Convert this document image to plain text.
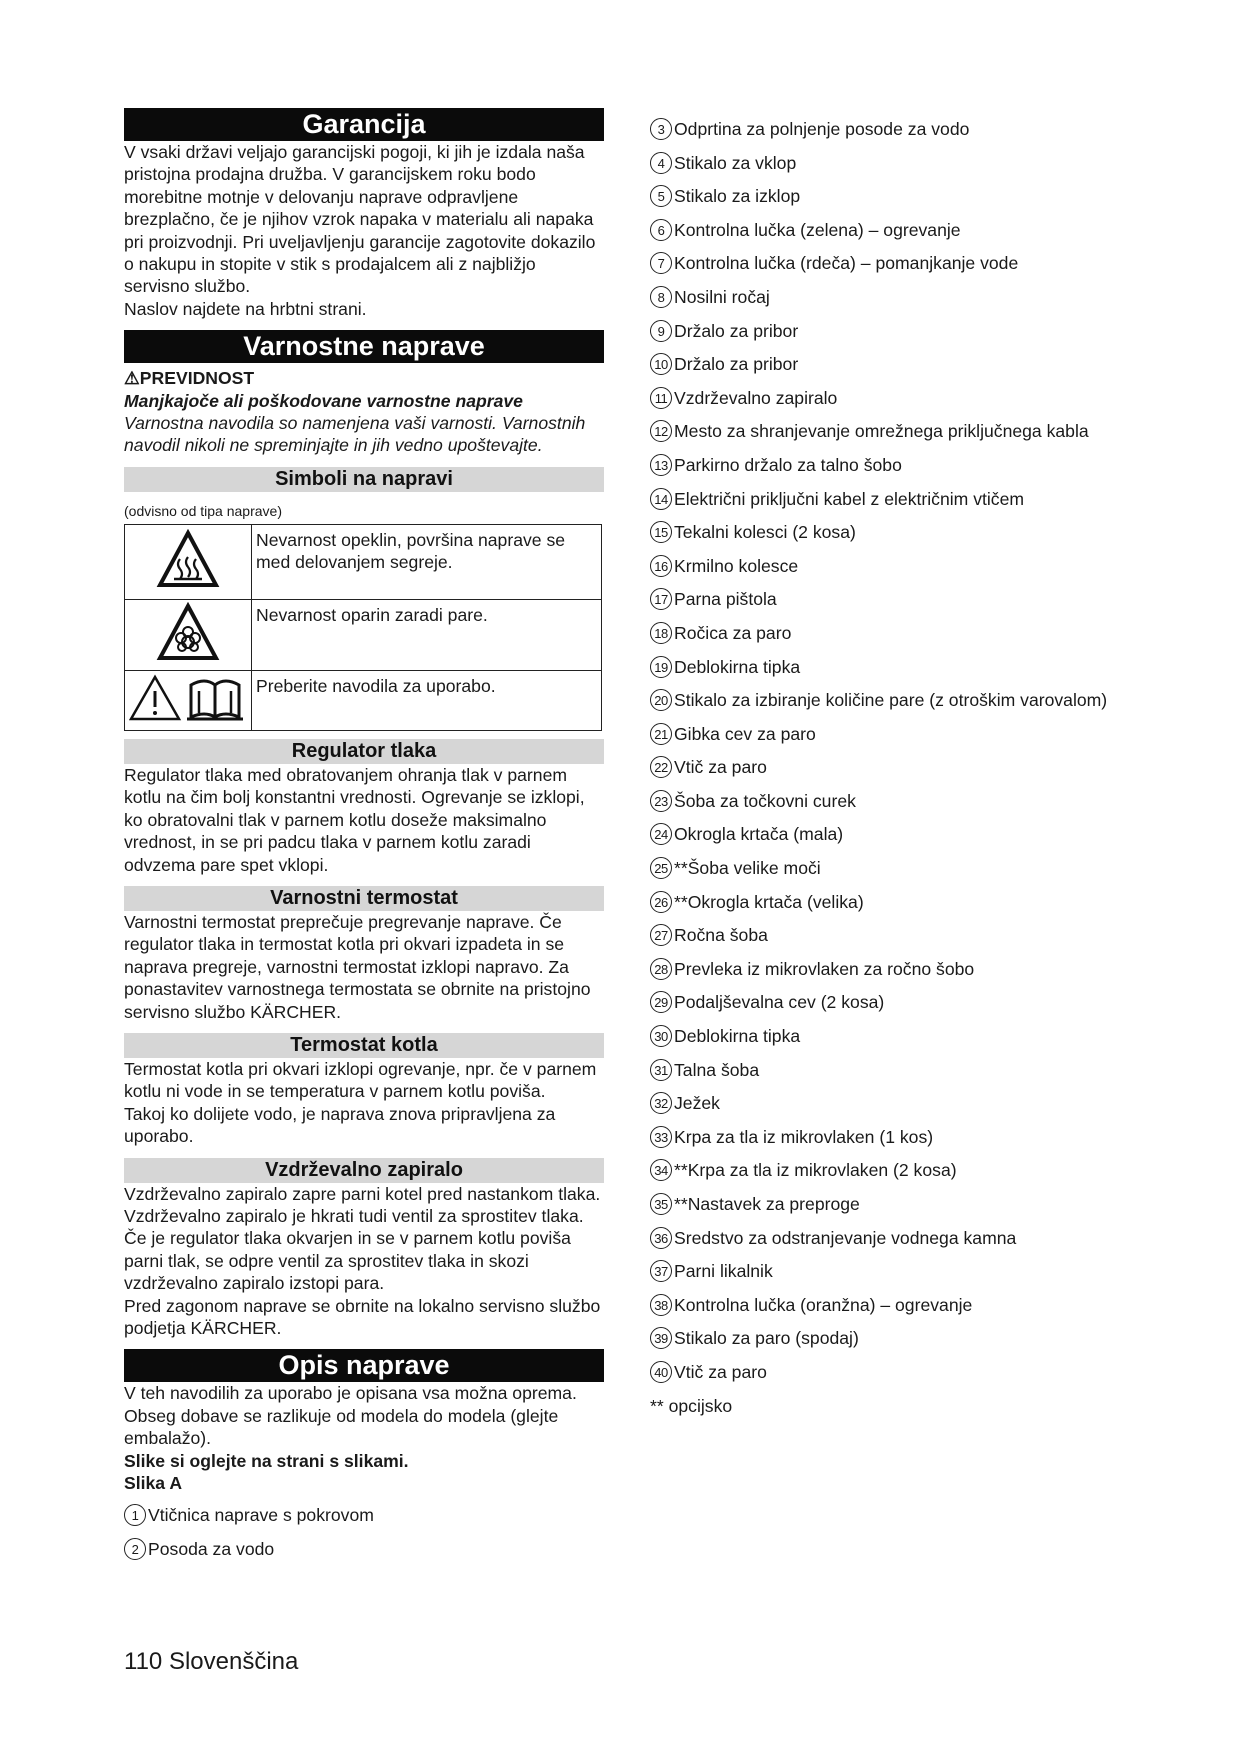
Garancija

V vsaki državi veljajo garancijski pogoji, ki jih je izdala naša pristojna prodajna družba. V garancijskem roku bodo morebitne motnje v delovanju naprave odpravljene brezplačno, če je njihov vzrok napaka v materialu ali napaka pri proizvodnji. Pri uveljavljenju garancije zagotovite dokazilo o nakupu in stopite v stik s prodajalcem ali z najbližjo servisno službo.

Naslov najdete na hrbtni strani.

Varnostne naprave
⚠PREVIDNOST
Manjkajoče ali poškodovane varnostne naprave
Varnostna navodila so namenjena vaši varnosti. Varnostnih navodil nikoli ne spreminjajte in jih vedno upoštevajte.
Simboli na napravi
(odvisno od tipa naprave)
	Nevarnost opeklin, površina naprave se med delovanjem segreje.
	Nevarnost oparin zaradi pare.
	Preberite navodila za uporabo.
Regulator tlaka

Regulator tlaka med obratovanjem ohranja tlak v parnem kotlu na čim bolj konstantni vrednosti. Ogrevanje se izklopi, ko obratovalni tlak v parnem kotlu doseže maksimalno vrednost, in se pri padcu tlaka v parnem kotlu zaradi odvzema pare spet vklopi.

Varnostni termostat

Varnostni termostat preprečuje pregrevanje naprave. Če regulator tlaka in termostat kotla pri okvari izpadeta in se naprava pregreje, varnostni termostat izklopi napravo. Za ponastavitev varnostnega termostata se obrnite na pristojno servisno službo KÄRCHER.

Termostat kotla

Termostat kotla pri okvari izklopi ogrevanje, npr. če v parnem kotlu ni vode in se temperatura v parnem kotlu poviša.

Takoj ko dolijete vodo, je naprava znova pripravljena za uporabo.

Vzdrževalno zapiralo

Vzdrževalno zapiralo zapre parni kotel pred nastankom tlaka. Vzdrževalno zapiralo je hkrati tudi ventil za sprostitev tlaka. Če je regulator tlaka okvarjen in se v parnem kotlu poviša parni tlak, se odpre ventil za sprostitev tlaka in skozi vzdrževalno zapiralo izstopi para.

Pred zagonom naprave se obrnite na lokalno servisno službo podjetja KÄRCHER.

Opis naprave

V teh navodilih za uporabo je opisana vsa možna oprema. Obseg dobave se razlikuje od modela do modela (glejte embalažo).

Slike si oglejte na strani s slikami.

Slika A

1 Vtičnica naprave s pokrovom
2 Posoda za vodo
3 Odprtina za polnjenje posode za vodo
4 Stikalo za vklop
5 Stikalo za izklop
6 Kontrolna lučka (zelena) – ogrevanje
7 Kontrolna lučka (rdeča) – pomanjkanje vode
8 Nosilni ročaj
9 Držalo za pribor
10 Držalo za pribor
11 Vzdrževalno zapiralo
12 Mesto za shranjevanje omrežnega priključnega kabla
13 Parkirno držalo za talno šobo
14 Električni priključni kabel z električnim vtičem
15 Tekalni kolesci (2 kosa)
16 Krmilno kolesce
17 Parna pištola
18 Ročica za paro
19 Deblokirna tipka
20 Stikalo za izbiranje količine pare (z otroškim varovalom)
21 Gibka cev za paro
22 Vtič za paro
23 Šoba za točkovni curek
24 Okrogla krtača (mala)
25 **Šoba velike moči
26 **Okrogla krtača (velika)
27 Ročna šoba
28 Prevleka iz mikrovlaken za ročno šobo
29 Podaljševalna cev (2 kosa)
30 Deblokirna tipka
31 Talna šoba
32 Ježek
33 Krpa za tla iz mikrovlaken (1 kos)
34 **Krpa za tla iz mikrovlaken (2 kosa)
35 **Nastavek za preproge
36 Sredstvo za odstranjevanje vodnega kamna
37 Parni likalnik
38 Kontrolna lučka (oranžna) – ogrevanje
39 Stikalo za paro (spodaj)
40 Vtič za paro
** opcijsko
110 Slovenščina
